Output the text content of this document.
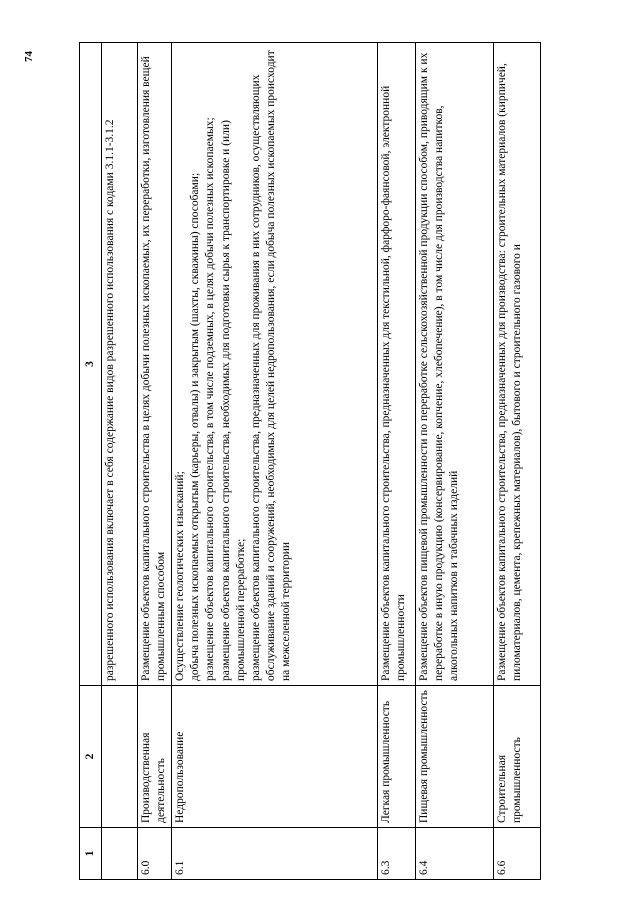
74
1	2	3

		разрешенного использования включает в себя содержание видов разрешенного использования с кодами 3.1.1-3.1.2

6.0	Производственная деятельность	Размещение объектов капитального строительства в целях добычи полезных ископаемых, их переработки, изготовления вещей промышленным способом

6.1	Недропользование	Осуществление геологических изысканий; добыча полезных ископаемых открытым (карьеры, отвалы) и закрытым (шахты, скважины) способами; размещение объектов капитального строительства, в том числе подземных, в целях добычи полезных ископаемых; размещение объектов капитального строительства, необходимых для подготовки сырья к транспортировке и (или) промышленной переработке; размещение объектов капитального строительства, предназначенных для проживания в них сотрудников, осуществляющих обслуживание зданий и сооружений, необходимых для целей недропользования, если добыча полезных ископаемых происходит на межселенной территории

6.3	Легкая промышленность	Размещение объектов капитального строительства, предназначенных для текстильной, фарфоро-фаянсовой, электронной промышленности

6.4	Пищевая промышленность	Размещение объектов пищевой промышленности по переработке сельскохозяйственной продукции способом, приводящим к их переработке в иную продукцию (консервирование, копчение, хлебопечение), в том числе для производства напитков, алкогольных напитков и табачных изделий

6.6	Строительная промышленность	Размещение объектов капитального строительства, предназначенных для производства: строительных материалов (кирпичей, пиломатериалов, цемента, крепежных материалов), бытового и строительного газового и
